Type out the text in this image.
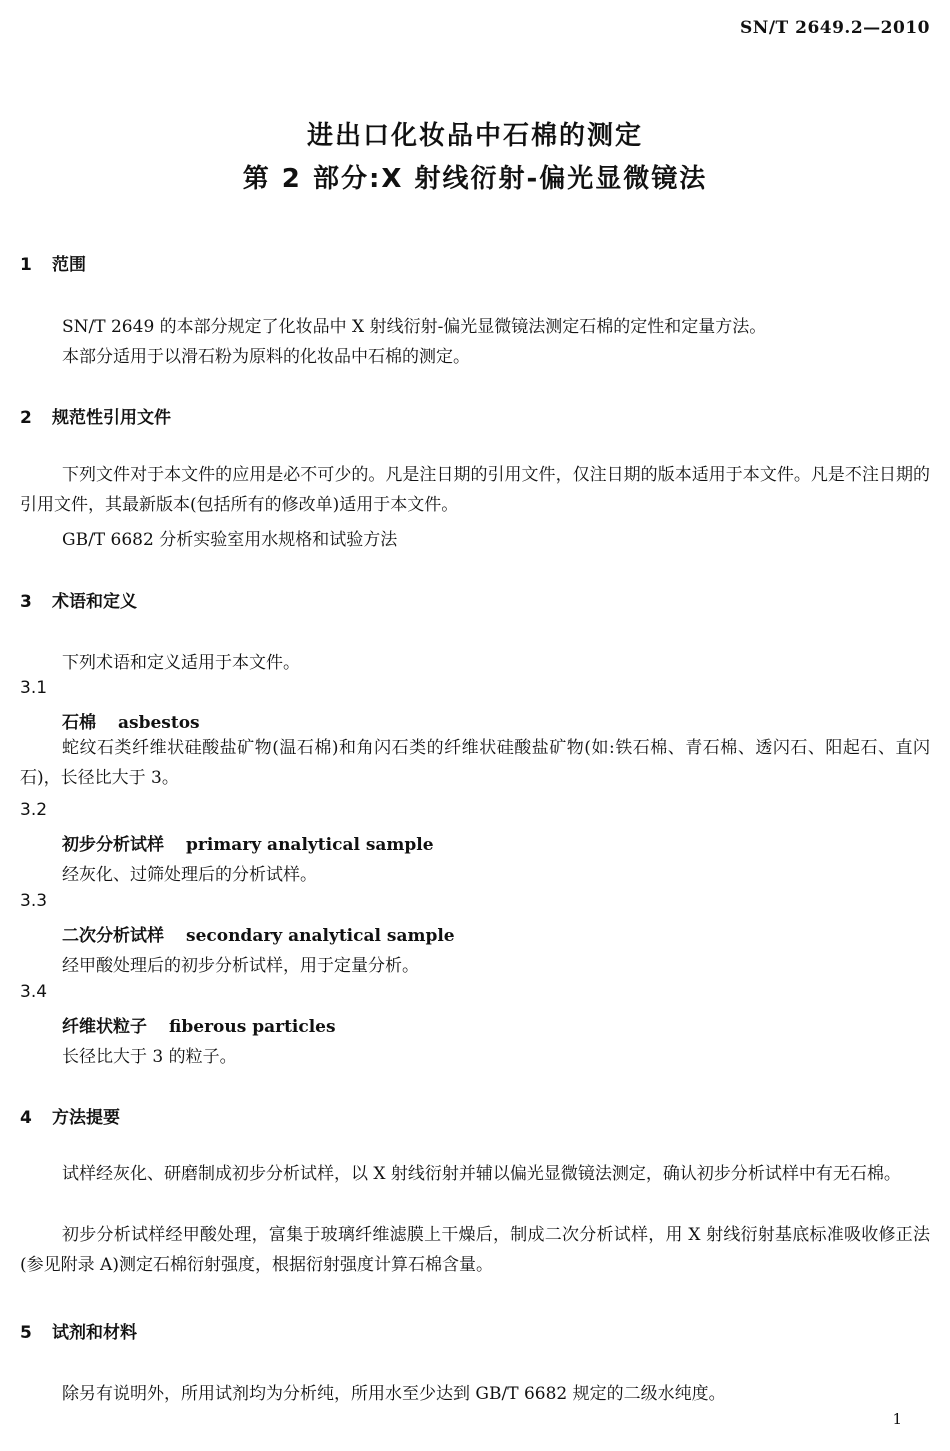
SN/T 2649.2—2010
进出口化妆品中石棉的测定
第 2 部分:X 射线衍射-偏光显微镜法
1 范围
SN/T 2649 的本部分规定了化妆品中 X 射线衍射-偏光显微镜法测定石棉的定性和定量方法。
本部分适用于以滑石粉为原料的化妆品中石棉的测定。
2 规范性引用文件
下列文件对于本文件的应用是必不可少的。凡是注日期的引用文件，仅注日期的版本适用于本文件。凡是不注日期的引用文件，其最新版本(包括所有的修改单)适用于本文件。
GB/T 6682 分析实验室用水规格和试验方法
3 术语和定义
下列术语和定义适用于本文件。
3.1
石棉 asbestos
蛇纹石类纤维状硅酸盐矿物(温石棉)和角闪石类的纤维状硅酸盐矿物(如:铁石棉、青石棉、透闪石、阳起石、直闪石)，长径比大于 3。
3.2
初步分析试样 primary analytical sample
经灰化、过筛处理后的分析试样。
3.3
二次分析试样 secondary analytical sample
经甲酸处理后的初步分析试样，用于定量分析。
3.4
纤维状粒子 fiberous particles
长径比大于 3 的粒子。
4 方法提要
试样经灰化、研磨制成初步分析试样，以 X 射线衍射并辅以偏光显微镜法测定，确认初步分析试样中有无石棉。
初步分析试样经甲酸处理，富集于玻璃纤维滤膜上干燥后，制成二次分析试样，用 X 射线衍射基底标准吸收修正法(参见附录 A)测定石棉衍射强度，根据衍射强度计算石棉含量。
5 试剂和材料
除另有说明外，所用试剂均为分析纯，所用水至少达到 GB/T 6682 规定的二级水纯度。
1
